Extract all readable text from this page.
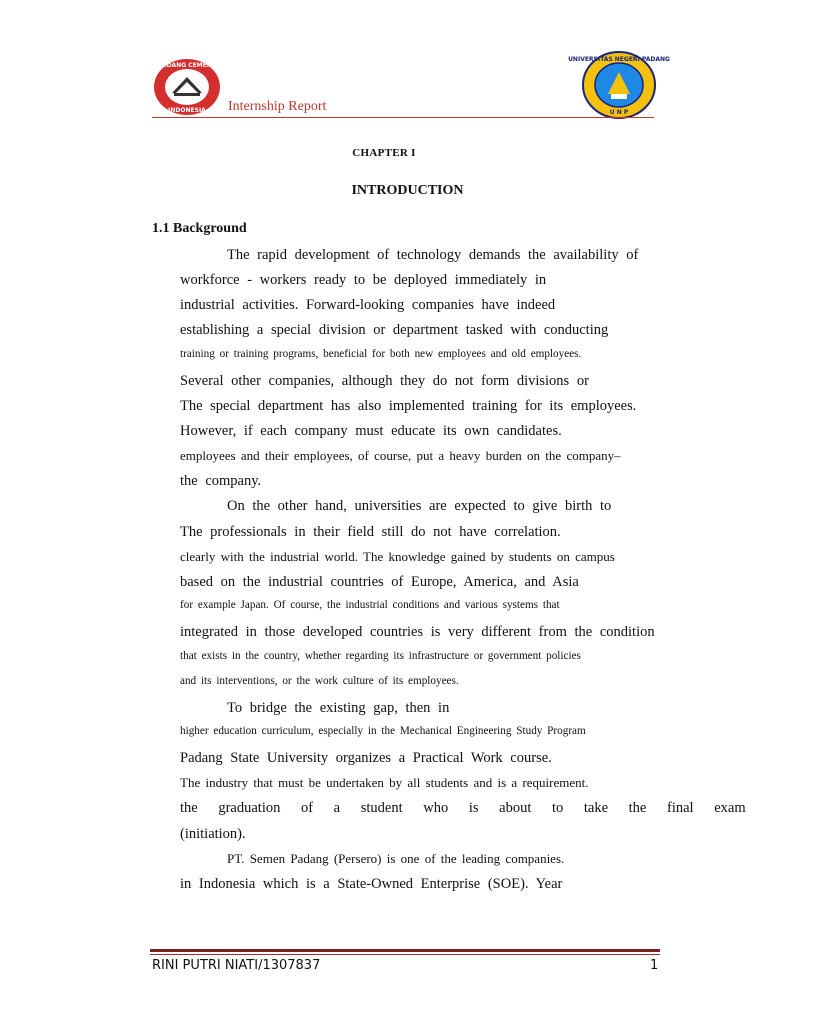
PADANG CEMENT
INDONESIA
UNIVERSITAS NEGERI PADANG
U N P
Internship Report
CHAPTER I
INTRODUCTION
1.1 Background
The rapid development of technology demands the availability of
workforce - workers ready to be deployed immediately in
industrial activities. Forward-looking companies have indeed
establishing a special division or department tasked with conducting
training or training programs, beneficial for both new employees and old employees.
Several other companies, although they do not form divisions or
The special department has also implemented training for its employees.
However, if each company must educate its own candidates.
employees and their employees, of course, put a heavy burden on the company–
the company.
On the other hand, universities are expected to give birth to
The professionals in their field still do not have correlation.
clearly with the industrial world. The knowledge gained by students on campus
based on the industrial countries of Europe, America, and Asia
for example Japan. Of course, the industrial conditions and various systems that
integrated in those developed countries is very different from the condition
that exists in the country, whether regarding its infrastructure or government policies
and its interventions, or the work culture of its employees.
To bridge the existing gap, then in
higher education curriculum, especially in the Mechanical Engineering Study Program
Padang State University organizes a Practical Work course.
The industry that must be undertaken by all students and is a requirement.
the graduation of a student who is about to take the final exam
(initiation).
PT. Semen Padang (Persero) is one of the leading companies.
in Indonesia which is a State-Owned Enterprise (SOE). Year
RINI PUTRI NIATI/1307837	1
